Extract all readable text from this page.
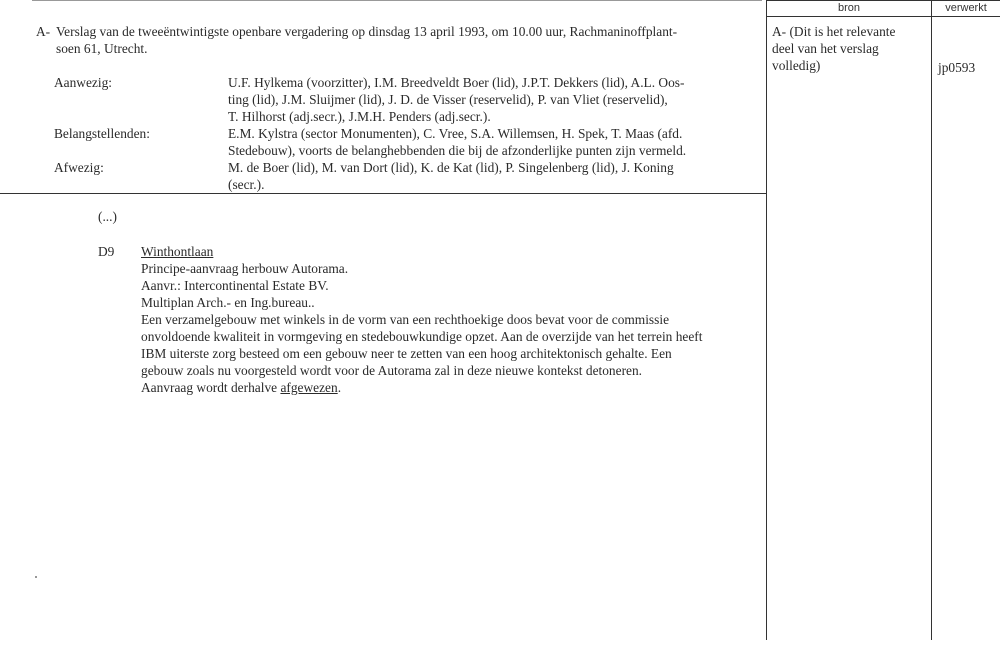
bron	verwerkt
A- Verslag van de tweeëntwintigste openbare vergadering op dinsdag 13 april 1993, om 10.00 uur, Rachmaninoffplant-
soen 61, Utrecht.
Aanwezig:	U.F. Hylkema (voorzitter), I.M. Breedveldt Boer (lid), J.P.T. Dekkers (lid), A.L. Oos-
ting (lid), J.M. Sluijmer (lid), J. D. de Visser (reservelid), P. van Vliet (reservelid),
T. Hilhorst (adj.secr.), J.M.H. Penders (adj.secr.).
Belangstellenden:	E.M. Kylstra (sector Monumenten), C. Vree, S.A. Willemsen, H. Spek, T. Maas (afd.
Stedebouw), voorts de belanghebbenden die bij de afzonderlijke punten zijn vermeld.
Afwezig:	M. de Boer (lid), M. van Dort (lid), K. de Kat (lid), P. Singelenberg (lid), J. Koning
(secr.).
(...)
D9 Winthontlaan
Principe-aanvraag herbouw Autorama.
Aanvr.: Intercontinental Estate BV.
Multiplan Arch.- en Ing.bureau..
Een verzamelgebouw met winkels in de vorm van een rechthoekige doos bevat voor de commissie
onvoldoende kwaliteit in vormgeving en stedebouwkundige opzet. Aan de overzijde van het terrein heeft
IBM uiterste zorg besteed om een gebouw neer te zetten van een hoog architektonisch gehalte. Een
gebouw zoals nu voorgesteld wordt voor de Autorama zal in deze nieuwe kontekst detoneren.
Aanvraag wordt derhalve afgewezen.
A- (Dit is het relevante
deel van het verslag
volledig)	jp0593
